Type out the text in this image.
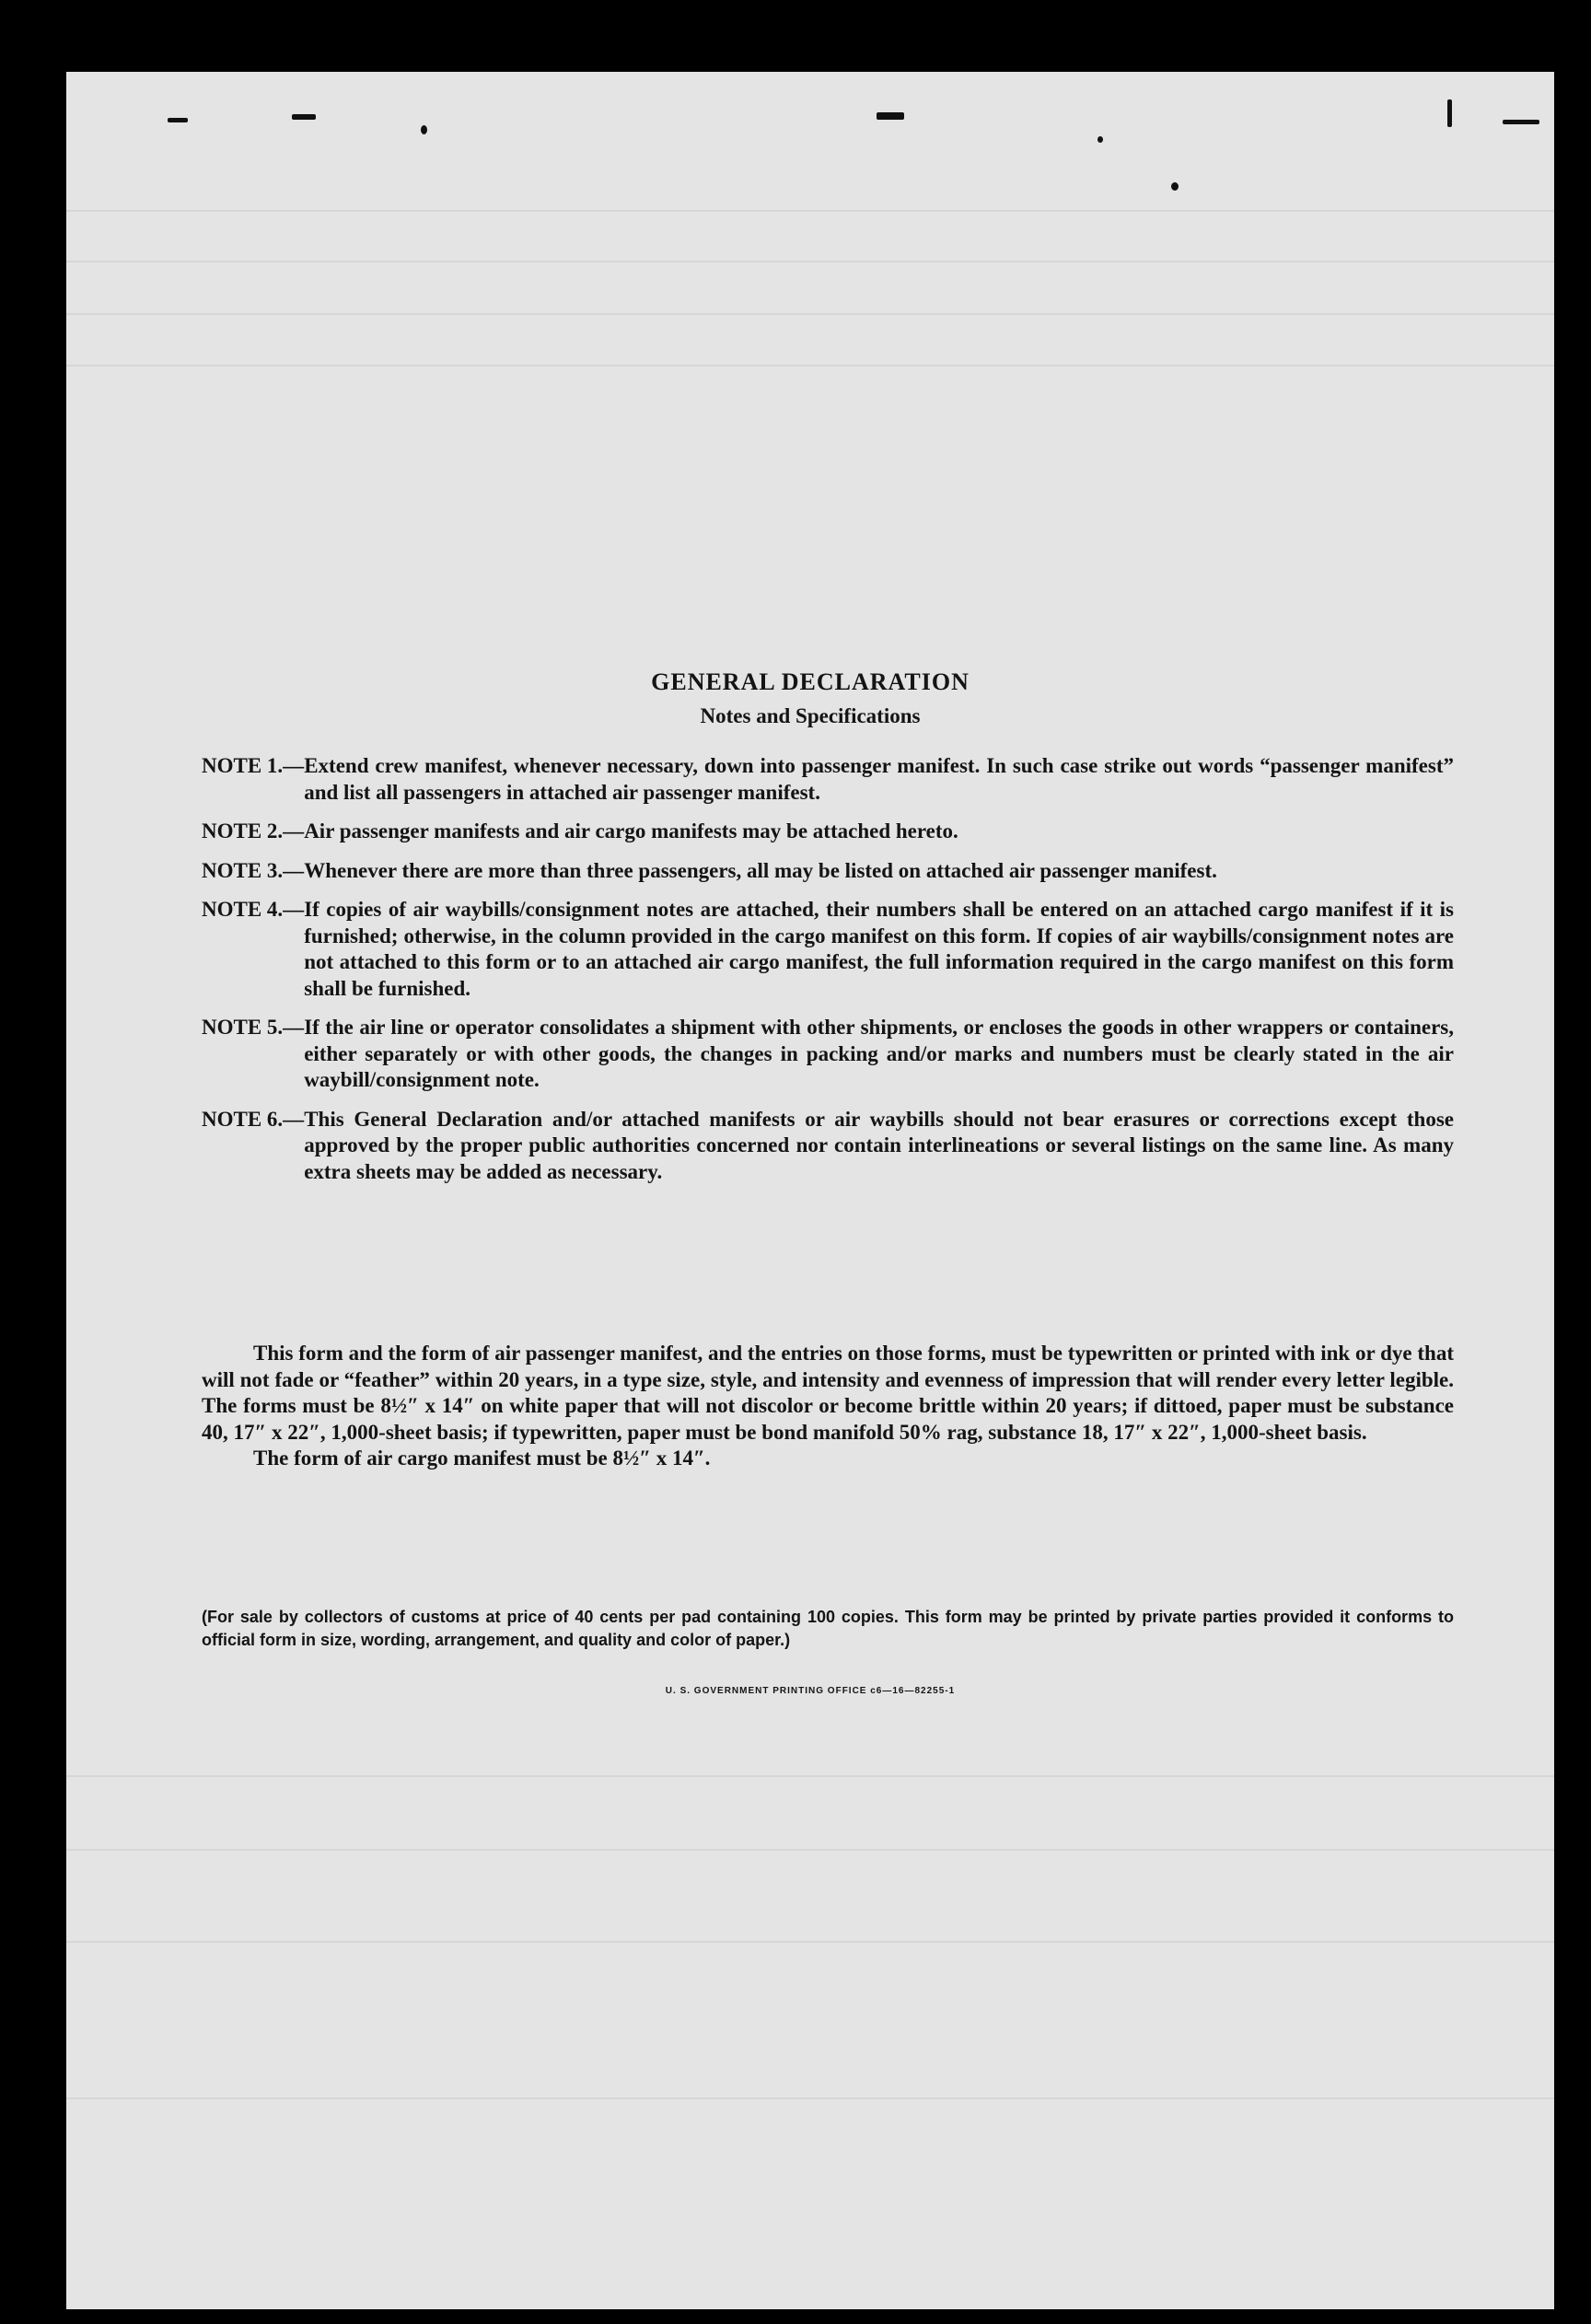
GENERAL DECLARATION
Notes and Specifications
NOTE 1.— Extend crew manifest, whenever necessary, down into passenger manifest. In such case strike out words “passenger manifest” and list all passengers in attached air passenger manifest.
NOTE 2.— Air passenger manifests and air cargo manifests may be attached hereto.
NOTE 3.— Whenever there are more than three passengers, all may be listed on attached air passenger manifest.
NOTE 4.— If copies of air waybills/consignment notes are attached, their numbers shall be entered on an attached cargo manifest if it is furnished; otherwise, in the column provided in the cargo manifest on this form. If copies of air waybills/consignment notes are not attached to this form or to an attached air cargo manifest, the full information required in the cargo manifest on this form shall be furnished.
NOTE 5.— If the air line or operator consolidates a shipment with other shipments, or encloses the goods in other wrappers or containers, either separately or with other goods, the changes in packing and/or marks and numbers must be clearly stated in the air waybill/consignment note.
NOTE 6.— This General Declaration and/or attached manifests or air waybills should not bear erasures or corrections except those approved by the proper public authorities concerned nor contain interlineations or several listings on the same line. As many extra sheets may be added as necessary.
This form and the form of air passenger manifest, and the entries on those forms, must be typewritten or printed with ink or dye that will not fade or “feather” within 20 years, in a type size, style, and intensity and evenness of impression that will render every letter legible. The forms must be 8½″ x 14″ on white paper that will not discolor or become brittle within 20 years; if dittoed, paper must be substance 40, 17″ x 22″, 1,000-sheet basis; if typewritten, paper must be bond manifold 50% rag, substance 18, 17″ x 22″, 1,000-sheet basis.
The form of air cargo manifest must be 8½″ x 14″.
(For sale by collectors of customs at price of 40 cents per pad containing 100 copies. This form may be printed by private parties provided it conforms to official form in size, wording, arrangement, and quality and color of paper.)
U. S. GOVERNMENT PRINTING OFFICE c6—16—82255-1
